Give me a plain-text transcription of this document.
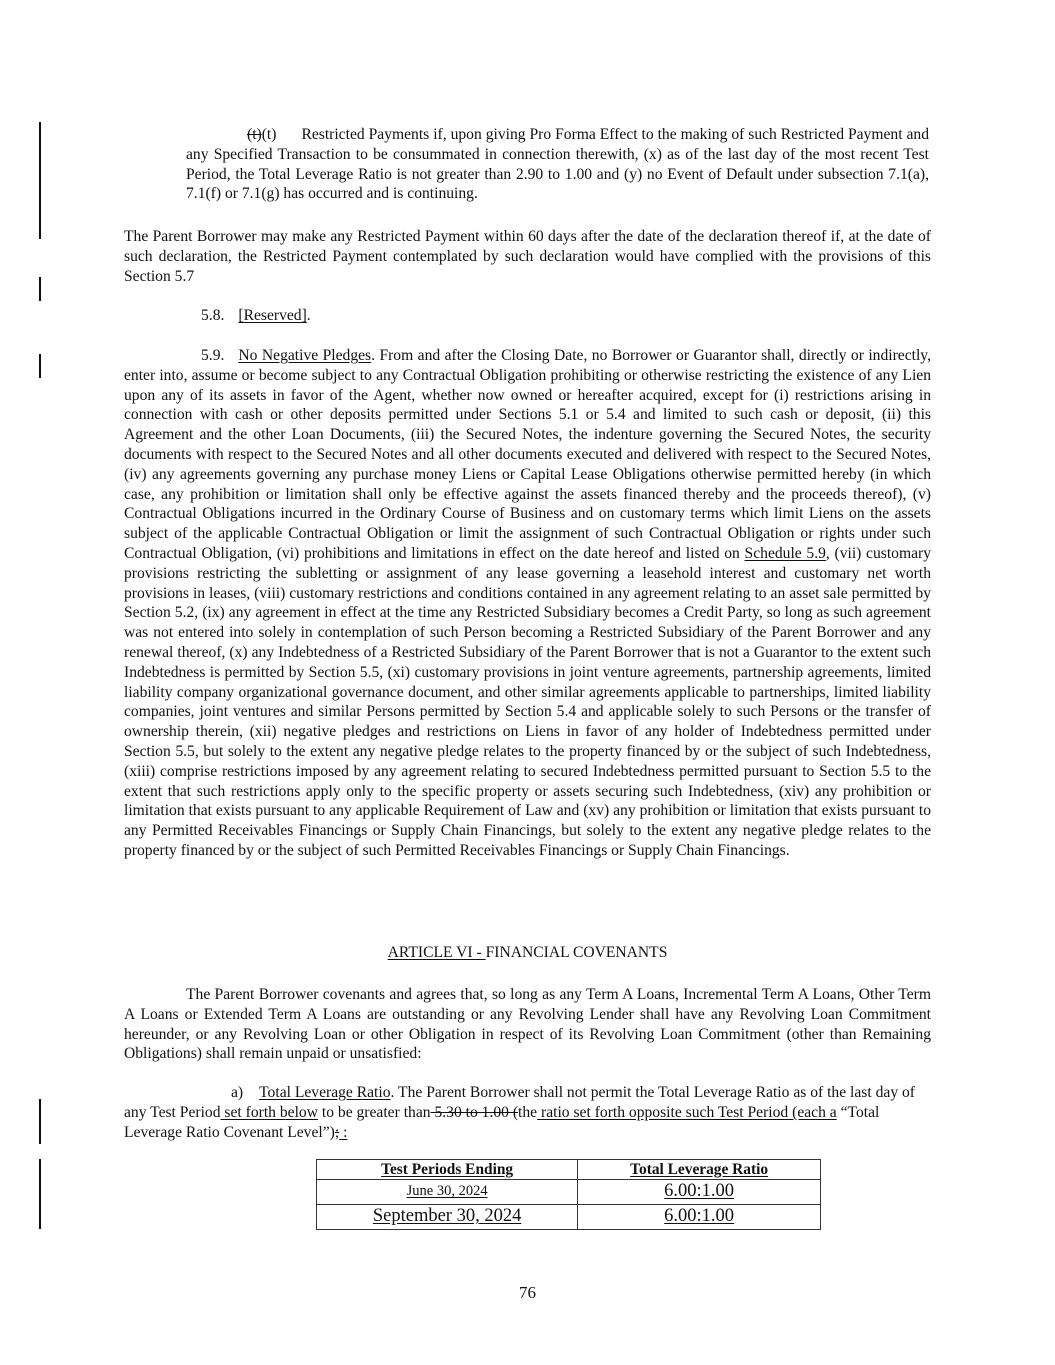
(t)(t) Restricted Payments if, upon giving Pro Forma Effect to the making of such Restricted Payment and any Specified Transaction to be consummated in connection therewith, (x) as of the last day of the most recent Test Period, the Total Leverage Ratio is not greater than 2.90 to 1.00 and (y) no Event of Default under subsection 7.1(a), 7.1(f) or 7.1(g) has occurred and is continuing.

The Parent Borrower may make any Restricted Payment within 60 days after the date of the declaration thereof if, at the date of such declaration, the Restricted Payment contemplated by such declaration would have complied with the provisions of this Section 5.7

5.8. [Reserved].

5.9. No Negative Pledges. From and after the Closing Date, no Borrower or Guarantor shall, directly or indirectly, enter into, assume or become subject to any Contractual Obligation prohibiting or otherwise restricting the existence of any Lien upon any of its assets in favor of the Agent, whether now owned or hereafter acquired, except for (i) restrictions arising in connection with cash or other deposits permitted under Sections 5.1 or 5.4 and limited to such cash or deposit, (ii) this Agreement and the other Loan Documents, (iii) the Secured Notes, the indenture governing the Secured Notes, the security documents with respect to the Secured Notes and all other documents executed and delivered with respect to the Secured Notes, (iv) any agreements governing any purchase money Liens or Capital Lease Obligations otherwise permitted hereby (in which case, any prohibition or limitation shall only be effective against the assets financed thereby and the proceeds thereof), (v) Contractual Obligations incurred in the Ordinary Course of Business and on customary terms which limit Liens on the assets subject of the applicable Contractual Obligation or limit the assignment of such Contractual Obligation or rights under such Contractual Obligation, (vi) prohibitions and limitations in effect on the date hereof and listed on Schedule 5.9, (vii) customary provisions restricting the subletting or assignment of any lease governing a leasehold interest and customary net worth provisions in leases, (viii) customary restrictions and conditions contained in any agreement relating to an asset sale permitted by Section 5.2, (ix) any agreement in effect at the time any Restricted Subsidiary becomes a Credit Party, so long as such agreement was not entered into solely in contemplation of such Person becoming a Restricted Subsidiary of the Parent Borrower and any renewal thereof, (x) any Indebtedness of a Restricted Subsidiary of the Parent Borrower that is not a Guarantor to the extent such Indebtedness is permitted by Section 5.5, (xi) customary provisions in joint venture agreements, partnership agreements, limited liability company organizational governance document, and other similar agreements applicable to partnerships, limited liability companies, joint ventures and similar Persons permitted by Section 5.4 and applicable solely to such Persons or the transfer of ownership therein, (xii) negative pledges and restrictions on Liens in favor of any holder of Indebtedness permitted under Section 5.5, but solely to the extent any negative pledge relates to the property financed by or the subject of such Indebtedness, (xiii) comprise restrictions imposed by any agreement relating to secured Indebtedness permitted pursuant to Section 5.5 to the extent that such restrictions apply only to the specific property or assets securing such Indebtedness, (xiv) any prohibition or limitation that exists pursuant to any applicable Requirement of Law and (xv) any prohibition or limitation that exists pursuant to any Permitted Receivables Financings or Supply Chain Financings, but solely to the extent any negative pledge relates to the property financed by or the subject of such Permitted Receivables Financings or Supply Chain Financings.

ARTICLE VI - FINANCIAL COVENANTS

The Parent Borrower covenants and agrees that, so long as any Term A Loans, Incremental Term A Loans, Other Term A Loans or Extended Term A Loans are outstanding or any Revolving Lender shall have any Revolving Loan Commitment hereunder, or any Revolving Loan or other Obligation in respect of its Revolving Loan Commitment (other than Remaining Obligations) shall remain unpaid or unsatisfied:

a) Total Leverage Ratio. The Parent Borrower shall not permit the Total Leverage Ratio as of the last day of any Test Period set forth below to be greater than 5.30 to 1.00 (the ratio set forth opposite such Test Period (each a “Total Leverage Ratio Covenant Level”); :

Test Periods Ending	Total Leverage Ratio
June 30, 2024	6.00:1.00
September 30, 2024	6.00:1.00
76
